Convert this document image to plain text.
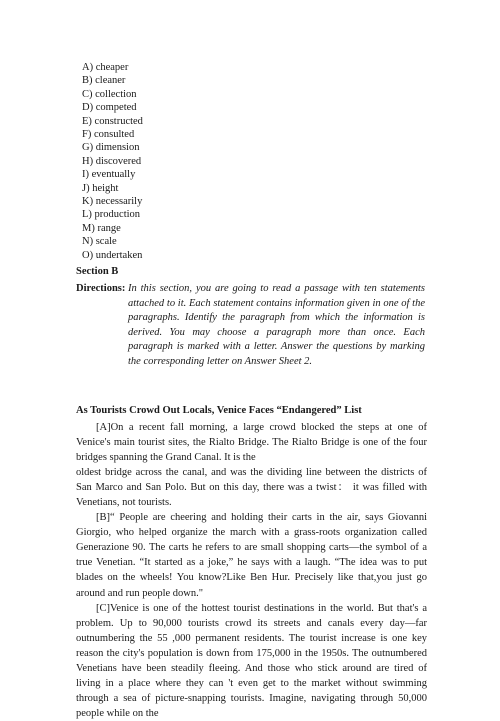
A) cheaper
B) cleaner
C) collection
D) competed
E) constructed
F) consulted
G) dimension
H) discovered
I) eventually
J) height
K) necessarily
L) production
M) range
N) scale
O) undertaken
Section B
Directions: In this section, you are going to read a passage with ten statements attached to it. Each statement contains information given in one of the paragraphs. Identify the paragraph from which the information is derived. You may choose a paragraph more than once. Each paragraph is marked with a letter. Answer the questions by marking the corresponding letter on Answer Sheet 2.
As Tourists Crowd Out Locals, Venice Faces “Endangered” List

[A]On a recent fall morning, a large crowd blocked the steps at one of Venice's main tourist sites, the Rialto Bridge. The Rialto Bridge is one of the four bridges spanning the Grand Canal. It is the

oldest bridge across the canal, and was the dividing line between the districts of San Marco and San Polo. But on this day, there was a twist： it was filled with Venetians, not tourists.

[B]“ People are cheering and holding their carts in the air, says Giovanni Giorgio, who helped organize the march with a grass-roots organization called Generazione 90. The carts he refers to are small shopping carts—the symbol of a true Venetian. “It started as a joke,” he says with a laugh. “The idea was to put blades on the wheels! You know?Like Ben Hur. Precisely like that,you just go around and run people down."

[C]Venice is one of the hottest tourist destinations in the world. But that's a problem. Up to 90,000 tourists crowd its streets and canals every day—far outnumbering the 55 ,000 permanent residents. The tourist increase is one key reason the city's population is down from 175,000 in the 1950s. The outnumbered Venetians have been steadily fleeing. And those who stick around are tired of living in a place where they can 't even get to the market without swimming through a sea of picture-snapping tourists. Imagine, navigating through 50,000 people while on the
